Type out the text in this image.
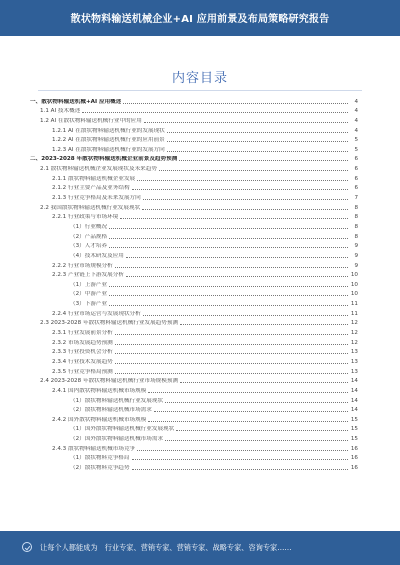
散状物料输送机械企业+AI 应用前景及布局策略研究报告
内容目录
一、散状物料输送机械+AI 应用概述	4
1.1 AI 技术概述	4
1.2 AI 在散状物料输送机械行业中的应用	4
1.2.1 AI 在散状物料输送机械行业的发展现状	4
1.2.2 AI 在散状物料输送机械行业的应用前景	5
1.2.3 AI 在散状物料输送机械行业的发展方向	5
二、2023-2028 年散状物料输送机械企业前景及趋势预测	6
2.1 散状物料输送机械企业发展现状及未来趋势	6
2.1.1 散状物料输送机械企业发展	6
2.1.2 行业主要产品及业务结构	6
2.1.3 行业竞争格局及未来发展方向	7
2.2 我国散状物料输送机械行业发展现状	8
2.2.1 行业政策与市场环境	8
（1）行业概况	8
（2）产品规格	8
（3）人才培养	9
（4）技术研发及应用	9
2.2.2 行业市场规模分析	9
2.2.3 产业链上下游发展分析	10
（1）上游产业	10
（2）中游产业	10
（3）下游产业	11
2.2.4 行业市场运营与发展现状分析	11
2.3 2023-2028 年散状物料输送机械行业发展趋势预测	12
2.3.1 行业发展前景分析	12
2.3.2 市场发展趋势预测	12
2.3.3 行业投资机会分析	13
2.3.4 行业技术发展趋势	13
2.3.5 行业竞争格局预测	13
2.4 2023-2028 年散状物料输送机械行业市场规模预测	14
2.4.1 国内散状物料输送机械市场规模	14
（1）散状物料输送机械行业发展现状	14
（2）散状物料输送机械市场需求	14
2.4.2 国外散状物料输送机械市场规模	15
（1）国外散状物料输送机械行业发展现状	15
（2）国外散状物料输送机械市场需求	15
2.4.3 散状物料输送机械市场竞争	16
（1）散状物料竞争格局	16
（2）散状物料竞争趋势	16
让每个人都能成为　行业专家、营销专家、营销专家、战略专家、咨询专家……
